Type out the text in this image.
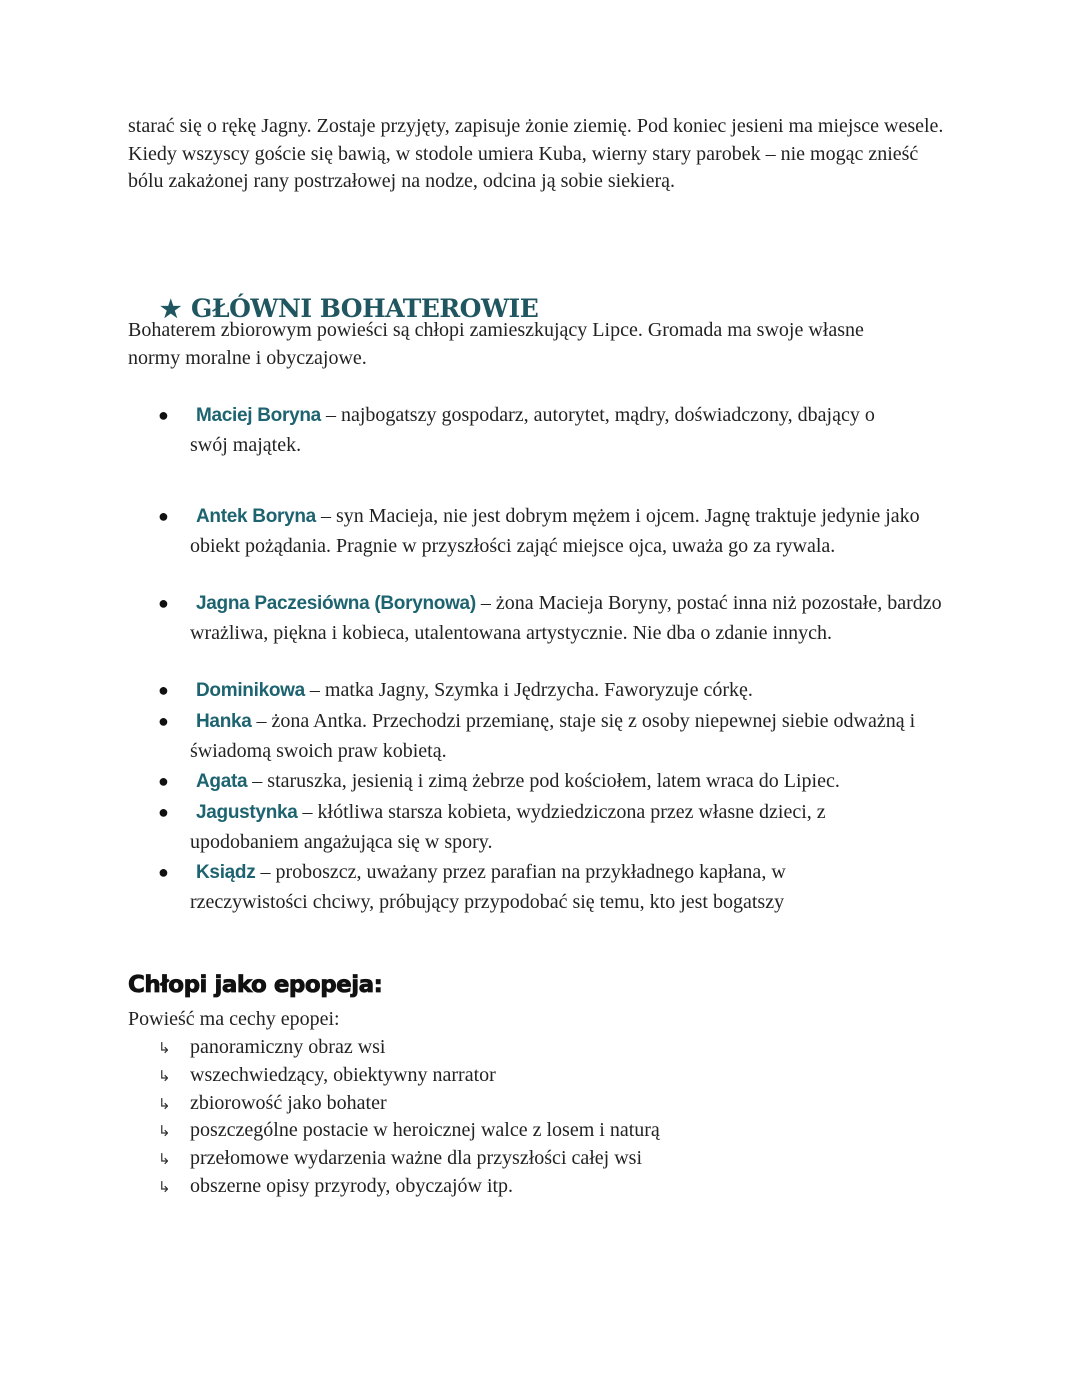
starać się o rękę Jagny. Zostaje przyjęty, zapisuje żonie ziemię. Pod koniec jesieni ma miejsce wesele. Kiedy wszyscy goście się bawią, w stodole umiera Kuba, wierny stary parobek – nie mogąc znieść bólu zakażonej rany postrzałowej na nodze, odcina ją sobie siekierą.

★ GŁÓWNI BOHATEROWIE

Bohaterem zbiorowym powieści są chłopi zamieszkujący Lipce. Gromada ma swoje własne normy moralne i obyczajowe.

● Maciej Boryna – najbogatszy gospodarz, autorytet, mądry, doświadczony, dbający o swój majątek.
● Antek Boryna – syn Macieja, nie jest dobrym mężem i ojcem. Jagnę traktuje jedynie jako obiekt pożądania. Pragnie w przyszłości zająć miejsce ojca, uważa go za rywala.
● Jagna Paczesiówna (Borynowa) – żona Macieja Boryny, postać inna niż pozostałe, bardzo wrażliwa, piękna i kobieca, utalentowana artystycznie. Nie dba o zdanie innych.
● Dominikowa – matka Jagny, Szymka i Jędrzycha. Faworyzuje córkę.
● Hanka – żona Antka. Przechodzi przemianę, staje się z osoby niepewnej siebie odważną i świadomą swoich praw kobietą.
● Agata – staruszka, jesienią i zimą żebrze pod kościołem, latem wraca do Lipiec.
● Jagustynka – kłótliwa starsza kobieta, wydziedziczona przez własne dzieci, z upodobaniem angażująca się w spory.
● Ksiądz – proboszcz, uważany przez parafian na przykładnego kapłana, w rzeczywistości chciwy, próbujący przypodobać się temu, kto jest bogatszy
Chłopi jako epopeja:
Powieść ma cechy epopei:
↳ panoramiczny obraz wsi
↳ wszechwiedzący, obiektywny narrator
↳ zbiorowość jako bohater
↳ poszczególne postacie w heroicznej walce z losem i naturą
↳ przełomowe wydarzenia ważne dla przyszłości całej wsi
↳ obszerne opisy przyrody, obyczajów itp.
